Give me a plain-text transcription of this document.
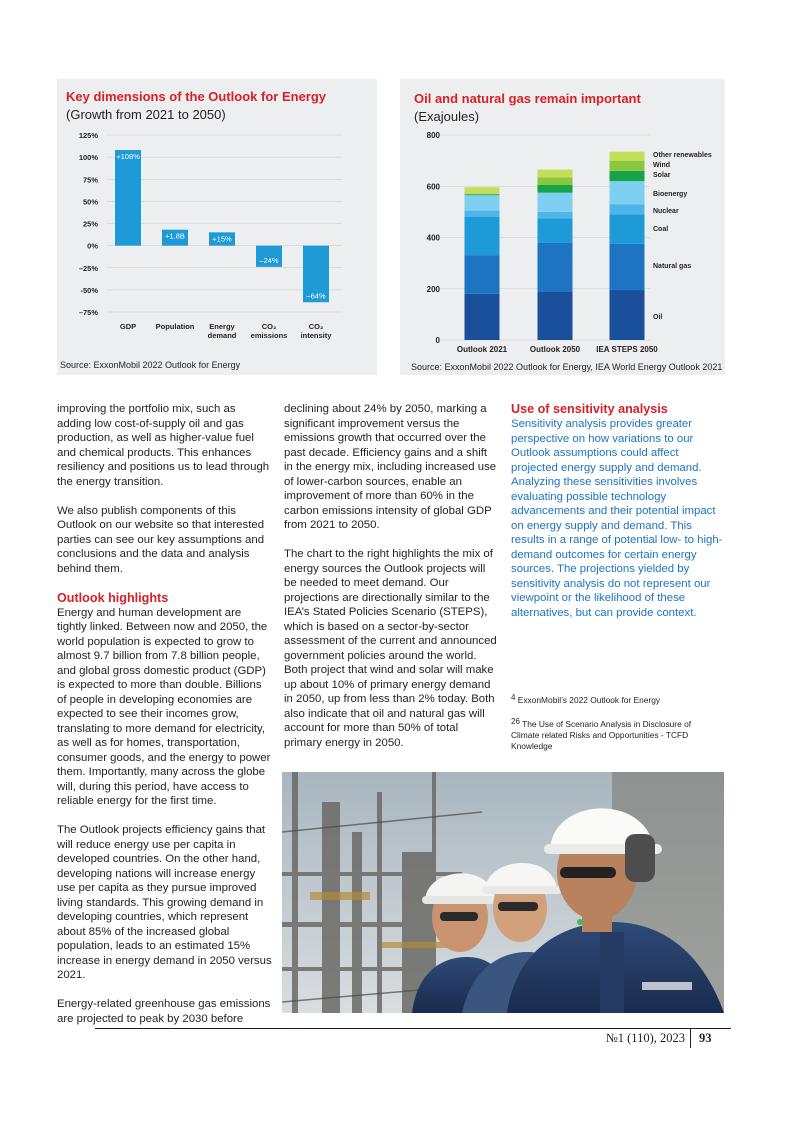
Key dimensions of the Outlook for Energy
(Growth from 2021 to 2050)
125%
100%
75%
50%
25%
0%
–25%
-50%
–75%
+108%
GDP
+1.8B
Population
+15%
Energy
demand
–24%
CO₂
emissions
–64%
CO₂
intensity
Source: ExxonMobil 2022 Outlook for Energy
Oil and natural gas remain important
(Exajoules)
800
600
400
200
0
Outlook 2021	Outlook 2050 IEA STEPS 2050
Other renewables
Wind
Solar
Bioenergy
Nuclear
Coal
Natural gas
Oil
Source: ExxonMobil 2022 Outlook for Energy, IEA World Energy Outlook 2021

improving the portfolio mix, such as adding low cost-of-supply oil and gas production, as well as higher-value fuel and chemical products. This enhances resiliency and positions us to lead through the energy transition.

We also publish components of this Outlook on our website so that interested parties can see our key assumptions and conclusions and the data and analysis behind them.

Outlook highlights

Energy and human development are tightly linked. Between now and 2050, the world population is expected to grow to almost 9.7 billion from 7.8 billion people, and global gross domestic product (GDP) is expected to more than double. Billions of people in developing economies are expected to see their incomes grow, translating to more demand for electricity, as well as for homes, transportation, consumer goods, and the energy to power them. Importantly, many across the globe will, during this period, have access to reliable energy for the first time.

The Outlook projects efficiency gains that will reduce energy use per capita in developed countries. On the other hand, developing nations will increase energy use per capita as they pursue improved living standards. This growing demand in developing countries, which represent about 85% of the increased global population, leads to an estimated 15% increase in energy demand in 2050 versus 2021.

Energy-related greenhouse gas emissions are projected to peak by 2030 before

declining about 24% by 2050, marking a significant improvement versus the emissions growth that occurred over the past decade. Efficiency gains and a shift in the energy mix, including increased use of lower-carbon sources, enable an improvement of more than 60% in the carbon emissions intensity of global GDP from 2021 to 2050.

The chart to the right highlights the mix of energy sources the Outlook projects will be needed to meet demand. Our projections are directionally similar to the IEA’s Stated Policies Scenario (STEPS), which is based on a sector-by-sector assessment of the current and announced government policies around the world. Both project that wind and solar will make up about 10% of primary energy demand in 2050, up from less than 2% today. Both also indicate that oil and natural gas will account for more than 50% of total primary energy in 2050.

Use of sensitivity analysis

Sensitivity analysis provides greater perspective on how variations to our Outlook assumptions could affect projected energy supply and demand. Analyzing these sensitivities involves evaluating possible technology advancements and their potential impact on energy supply and demand. This results in a range of potential low- to high-demand outcomes for certain energy sources. The projections yielded by sensitivity analysis do not represent our viewpoint or the likelihood of these alternatives, but can provide context.

$^4$ ExxonMobil’s 2022 Outlook for Energy
$^{26}$ The Use of Scenario Analysis in Disclosure of Climate related Risks and Opportunities - TCFD Knowledge
№1 (110), 2023	93
